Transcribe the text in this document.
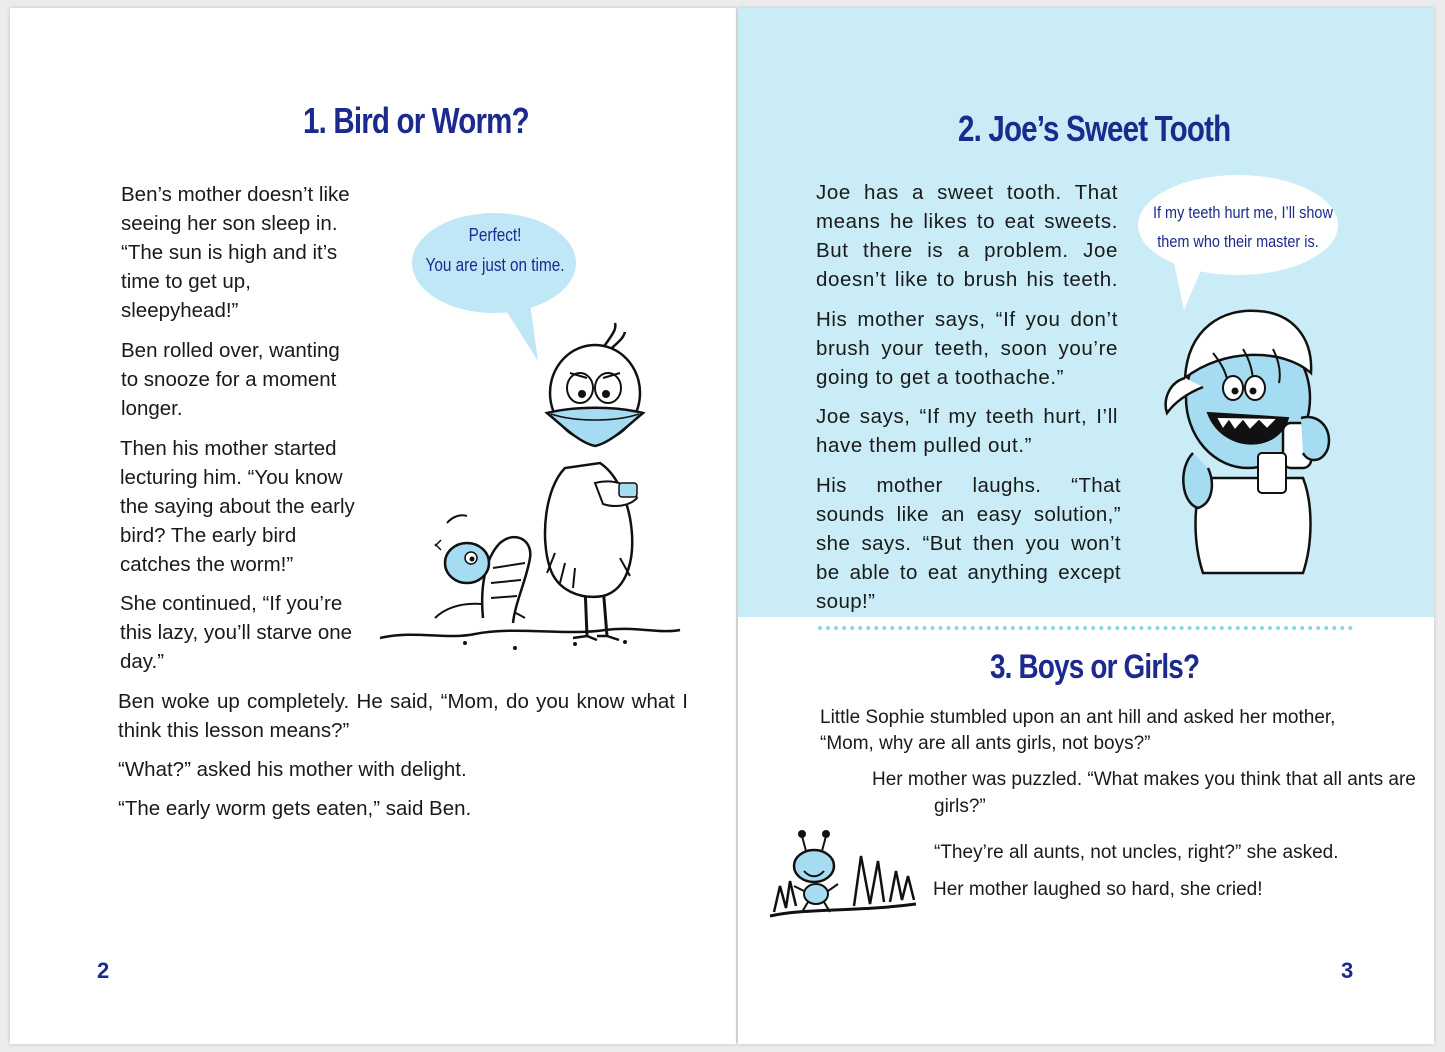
1. Bird or Worm?

Ben’s mother doesn’t like seeing her son sleep in. “The sun is high and it’s time to get up, sleepyhead!”

Ben rolled over, wanting to snooze for a moment longer.

Then his mother started lecturing him. “You know the saying about the early bird? The early bird catches the worm!”

She continued, “If you’re this lazy, you’ll starve one day.”

Ben woke up completely. He said, “Mom, do you know what I think this lesson means?”

“What?” asked his mother with delight.

“The early worm gets eaten,” said Ben.

Perfect!
You are just on time.
2
2. Joe’s Sweet Tooth

Joe has a sweet tooth. That means he likes to eat sweets. But there is a problem. Joe doesn’t like to brush his teeth.

His mother says, “If you don’t brush your teeth, soon you’re going to get a toothache.”

Joe says, “If my teeth hurt, I’ll have them pulled out.”

His mother laughs. “That sounds like an easy solution,” she says. “But then you won’t be able to eat anything except soup!”

If my teeth hurt me, I’ll show
them who their master is.
3. Boys or Girls?

Little Sophie stumbled upon an ant hill and asked her mother, “Mom, why are all ants girls, not boys?”

Her mother was puzzled. “What makes you think that all ants are girls?”

“They’re all aunts, not uncles, right?” she asked.

Her mother laughed so hard, she cried!

3
